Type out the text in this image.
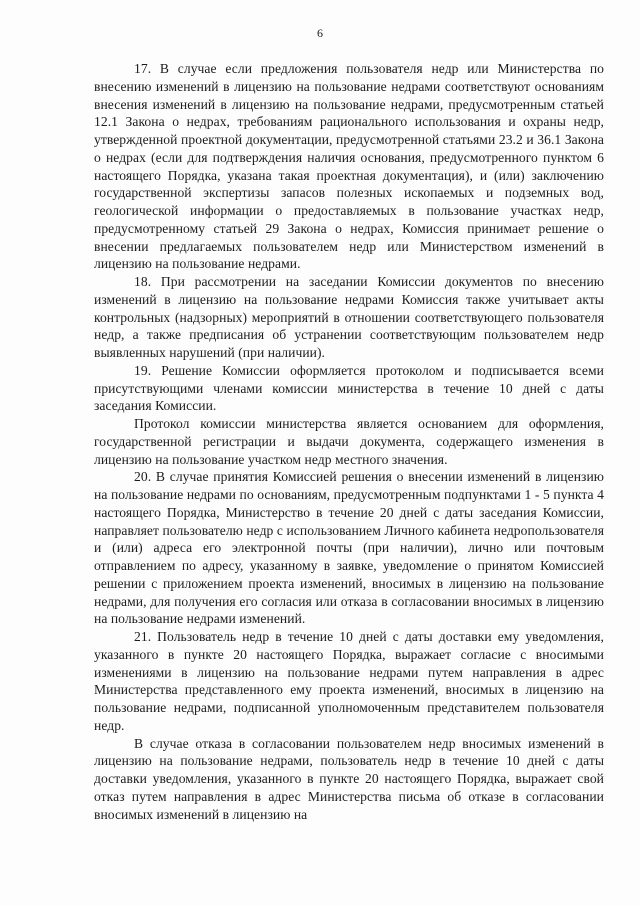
6

17. В случае если предложения пользователя недр или Министерства по внесению изменений в лицензию на пользование недрами соответствуют основаниям внесения изменений в лицензию на пользование недрами, предусмотренным статьей 12.1 Закона о недрах, требованиям рационального использования и охраны недр, утвержденной проектной документации, предусмотренной статьями 23.2 и 36.1 Закона о недрах (если для подтверждения наличия основания, предусмотренного пунктом 6 настоящего Порядка, указана такая проектная документация), и (или) заключению государственной экспертизы запасов полезных ископаемых и подземных вод, геологической информации о предоставляемых в пользование участках недр, предусмотренному статьей 29 Закона о недрах, Комиссия принимает решение о внесении предлагаемых пользователем недр или Министерством изменений в лицензию на пользование недрами.

18. При рассмотрении на заседании Комиссии документов по внесению изменений в лицензию на пользование недрами Комиссия также учитывает акты контрольных (надзорных) мероприятий в отношении соответствующего пользователя недр, а также предписания об устранении соответствующим пользователем недр выявленных нарушений (при наличии).

19. Решение Комиссии оформляется протоколом и подписывается всеми присутствующими членами комиссии министерства в течение 10 дней с даты заседания Комиссии.

Протокол комиссии министерства является основанием для оформления, государственной регистрации и выдачи документа, содержащего изменения в лицензию на пользование участком недр местного значения.

20. В случае принятия Комиссией решения о внесении изменений в лицензию на пользование недрами по основаниям, предусмотренным подпунктами 1 - 5 пункта 4 настоящего Порядка, Министерство в течение 20 дней с даты заседания Комиссии, направляет пользователю недр с использованием Личного кабинета недропользователя и (или) адреса его электронной почты (при наличии), лично или почтовым отправлением по адресу, указанному в заявке, уведомление о принятом Комиссией решении с приложением проекта изменений, вносимых в лицензию на пользование недрами, для получения его согласия или отказа в согласовании вносимых в лицензию на пользование недрами изменений.

21. Пользователь недр в течение 10 дней с даты доставки ему уведомления, указанного в пункте 20 настоящего Порядка, выражает согласие с вносимыми изменениями в лицензию на пользование недрами путем направления в адрес Министерства представленного ему проекта изменений, вносимых в лицензию на пользование недрами, подписанной уполномоченным представителем пользователя недр.

В случае отказа в согласовании пользователем недр вносимых изменений в лицензию на пользование недрами, пользователь недр в течение 10 дней с даты доставки уведомления, указанного в пункте 20 настоящего Порядка, выражает свой отказ путем направления в адрес Министерства письма об отказе в согласовании вносимых изменений в лицензию на
